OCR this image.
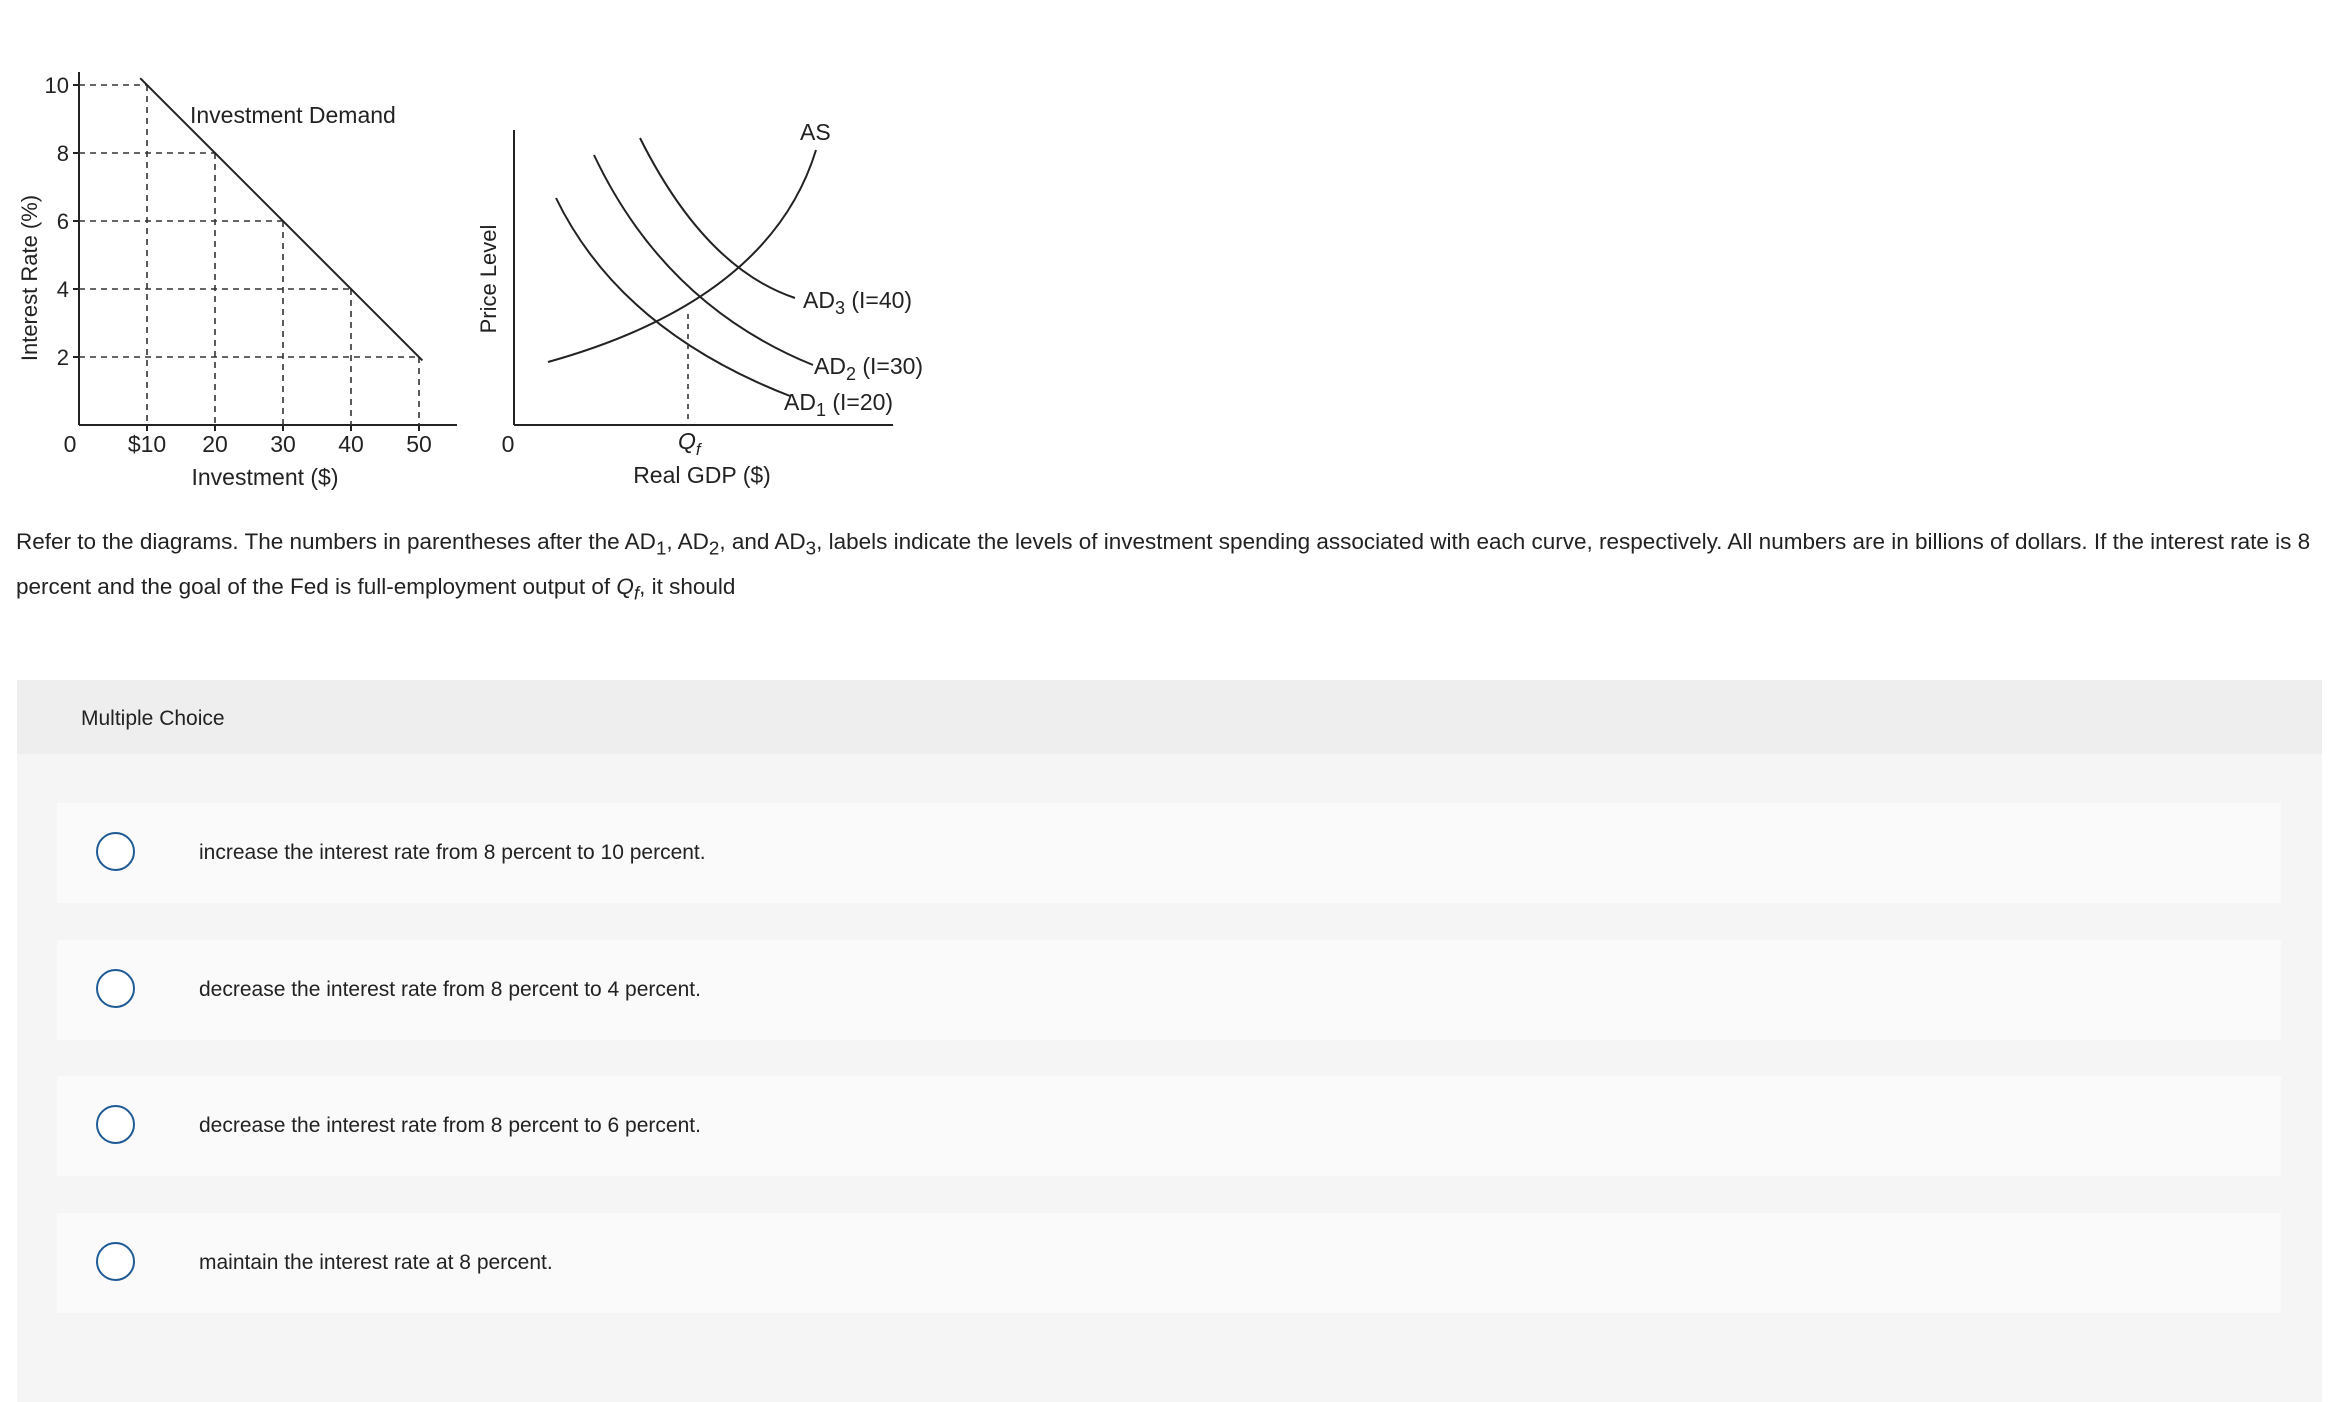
2
4
6
8
10
$10 20 30 40 50
0
Investment Demand
Investment ($)
Interest Rate (%)
0
Price Level
Real GDP ($)
$Q_f$
AS
$AD_3$ (I=40)
$AD_2$ (I=30)
$AD_1$ (I=20)
Refer to the diagrams. The numbers in parentheses after the $AD_1$, $AD_2$, and $AD_3$, labels indicate the levels of investment spending associated with each curve, respectively. All numbers are in billions of dollars. If the interest rate is 8 percent and the goal of the Fed is full-employment output of $Q_f$, it should
Multiple Choice
increase the interest rate from 8 percent to 10 percent.
decrease the interest rate from 8 percent to 4 percent.
decrease the interest rate from 8 percent to 6 percent.
maintain the interest rate at 8 percent.
